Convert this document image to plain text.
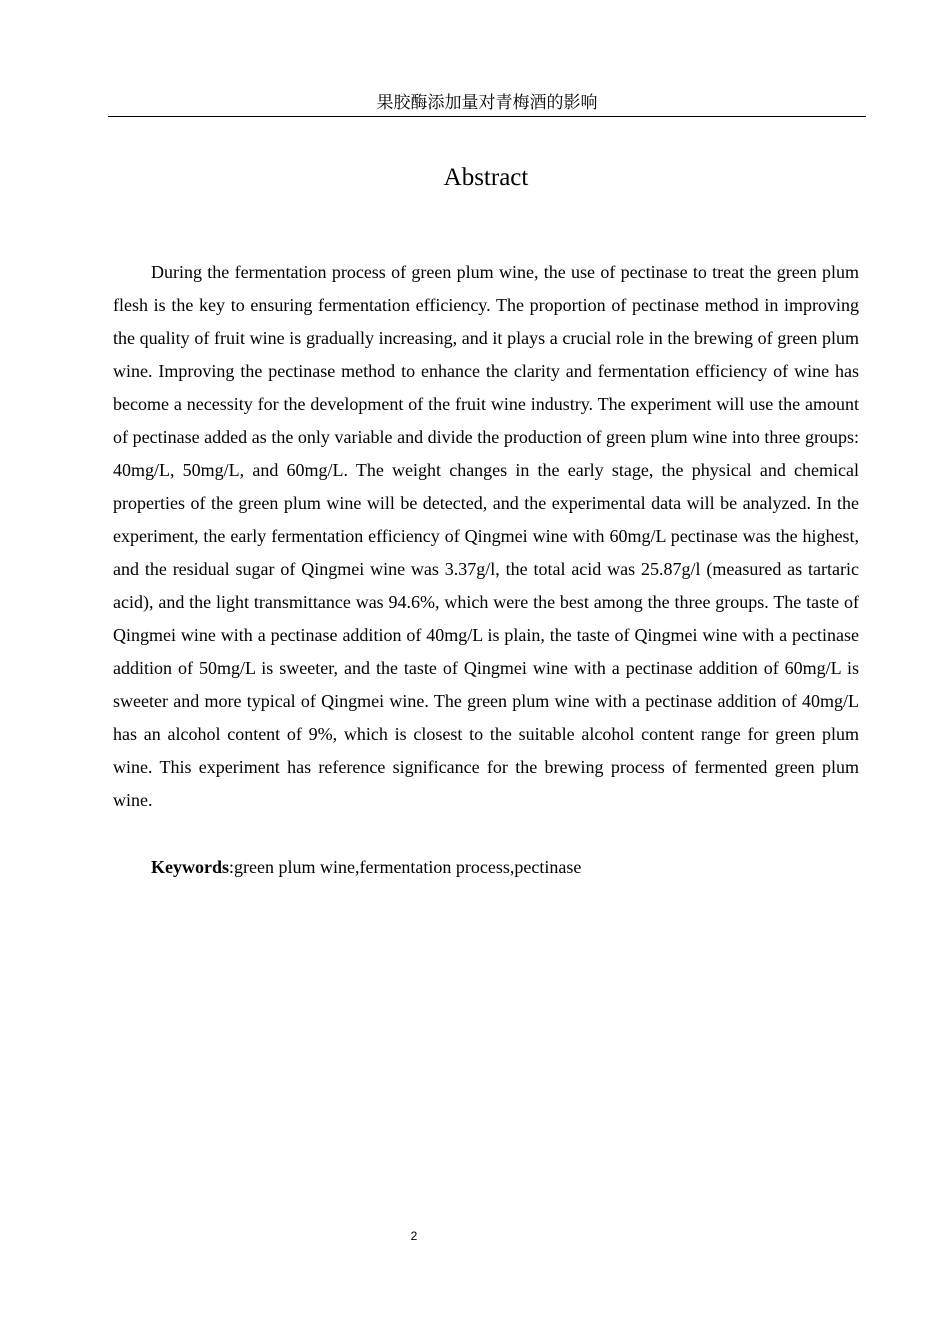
果胶酶添加量对青梅酒的影响
Abstract

During the fermentation process of green plum wine, the use of pectinase to treat the green plum flesh is the key to ensuring fermentation efficiency. The proportion of pectinase method in improving the quality of fruit wine is gradually increasing, and it plays a crucial role in the brewing of green plum wine. Improving the pectinase method to enhance the clarity and fermentation efficiency of wine has become a necessity for the development of the fruit wine industry. The experiment will use the amount of pectinase added as the only variable and divide the production of green plum wine into three groups: 40mg/L, 50mg/L, and 60mg/L. The weight changes in the early stage, the physical and chemical properties of the green plum wine will be detected, and the experimental data will be analyzed. In the experiment, the early fermentation efficiency of Qingmei wine with 60mg/L pectinase was the highest, and the residual sugar of Qingmei wine was 3.37g/l, the total acid was 25.87g/l (measured as tartaric acid), and the light transmittance was 94.6%, which were the best among the three groups. The taste of Qingmei wine with a pectinase addition of 40mg/L is plain, the taste of Qingmei wine with a pectinase addition of 50mg/L is sweeter, and the taste of Qingmei wine with a pectinase addition of 60mg/L is sweeter and more typical of Qingmei wine. The green plum wine with a pectinase addition of 40mg/L has an alcohol content of 9%, which is closest to the suitable alcohol content range for green plum wine. This experiment has reference significance for the brewing process of fermented green plum wine.

Keywords:green plum wine,fermentation process,pectinase

2
